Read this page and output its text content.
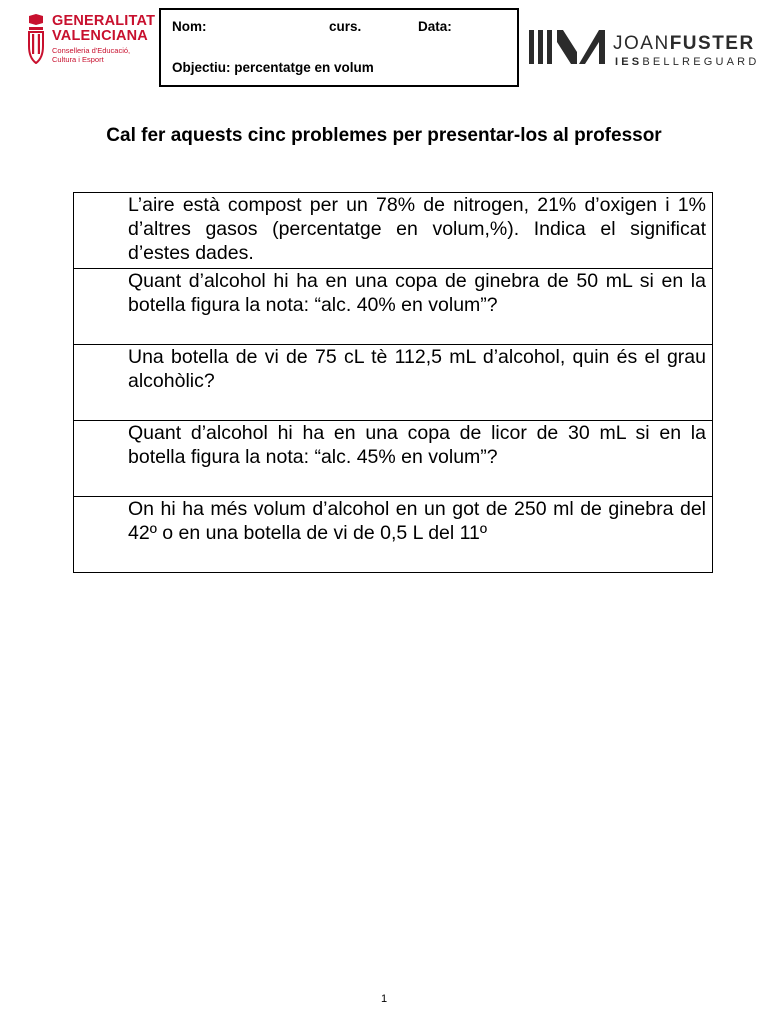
GENERALITAT
VALENCIANA
Conselleria d'Educació,
Cultura i Esport
Nom:	curs.	Data:
Objectiu: percentatge en volum
JOANFUSTER
IESBELLREGUARD
Cal fer aquests cinc problemes per presentar-los al professor
L’aire està compost per un 78% de nitrogen, 21% d’oxigen i 1% d’altres gasos (percentatge en volum,%). Indica el significat d’estes dades.
Quant d’alcohol hi ha en una copa de ginebra de 50 mL si en la botella figura la nota: “alc. 40% en volum”?
Una botella de vi de 75 cL tè 112,5 mL d’alcohol, quin és el grau alcohòlic?
Quant d’alcohol hi ha en una copa de licor de 30 mL si en la botella figura la nota: “alc. 45% en volum”?
On hi ha més volum d’alcohol en un got de 250 ml de ginebra del 42º o en una botella de vi de 0,5 L del 11º
1
